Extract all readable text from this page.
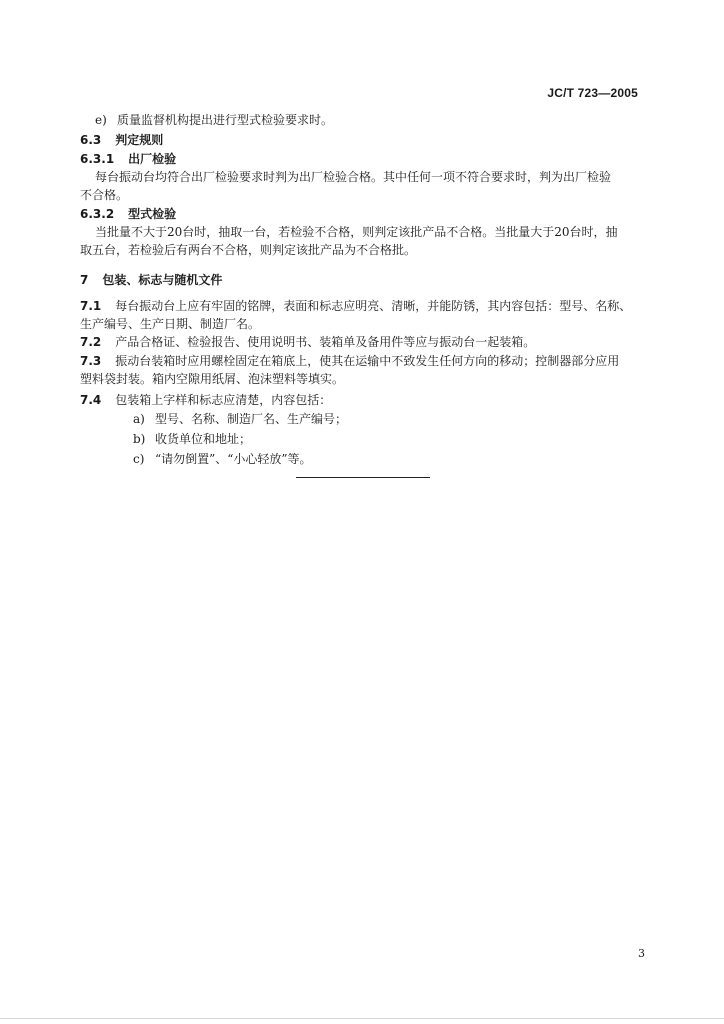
JC/T 723—2005
e) 质量监督机构提出进行型式检验要求时。
6.3 判定规则
6.3.1 出厂检验
每台振动台均符合出厂检验要求时判为出厂检验合格。其中任何一项不符合要求时，判为出厂检验
不合格。
6.3.2 型式检验
当批量不大于20台时，抽取一台，若检验不合格，则判定该批产品不合格。当批量大于20台时，抽
取五台，若检验后有两台不合格，则判定该批产品为不合格批。
7 包装、标志与随机文件
7.1 每台振动台上应有牢固的铭牌，表面和标志应明亮、清晰，并能防锈，其内容包括：型号、名称、
生产编号、生产日期、制造厂名。
7.2 产品合格证、检验报告、使用说明书、装箱单及备用件等应与振动台一起装箱。
7.3 振动台装箱时应用螺栓固定在箱底上，使其在运输中不致发生任何方向的移动；控制器部分应用
塑料袋封装。箱内空隙用纸屑、泡沫塑料等填实。
7.4 包装箱上字样和标志应清楚，内容包括：
a) 型号、名称、制造厂名、生产编号；
b) 收货单位和地址；
c) “请勿倒置”、“小心轻放”等。
3
